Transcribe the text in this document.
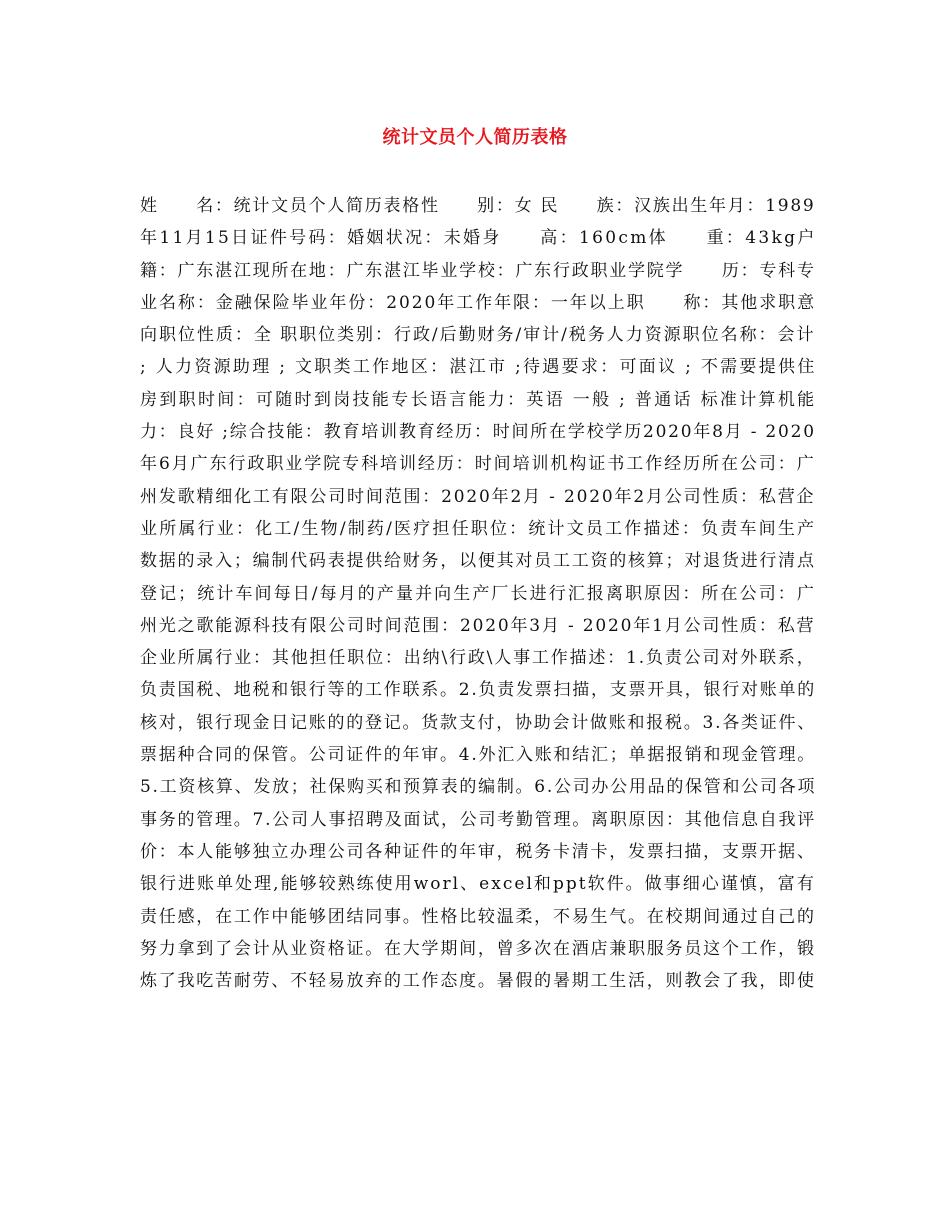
统计文员个人简历表格
姓　　名：统计文员个人简历表格性　　别：女 民　　族：汉族出生年月：1989
年11月15日证件号码：婚姻状况：未婚身　　高：160cm体　　重：43kg户
籍：广东湛江现所在地：广东湛江毕业学校：广东行政职业学院学　　历：专科专
业名称：金融保险毕业年份：2020年工作年限：一年以上职　　称：其他求职意
向职位性质：全 职职位类别：行政/后勤财务/审计/税务人力资源职位名称：会计
; 人力资源助理 ; 文职类工作地区：湛江市 ;待遇要求：可面议 ; 不需要提供住
房到职时间：可随时到岗技能专长语言能力：英语 一般 ; 普通话 标准计算机能
力：良好 ;综合技能：教育培训教育经历：时间所在学校学历2020年8月 - 2020
年6月广东行政职业学院专科培训经历：时间培训机构证书工作经历所在公司：广
州发歌精细化工有限公司时间范围：2020年2月 - 2020年2月公司性质：私营企
业所属行业：化工/生物/制药/医疗担任职位：统计文员工作描述：负责车间生产
数据的录入；编制代码表提供给财务，以便其对员工工资的核算；对退货进行清点
登记；统计车间每日/每月的产量并向生产厂长进行汇报离职原因：所在公司：广
州光之歌能源科技有限公司时间范围：2020年3月 - 2020年1月公司性质：私营
企业所属行业：其他担任职位：出纳\行政\人事工作描述：1.负责公司对外联系，
负责国税、地税和银行等的工作联系。2.负责发票扫描，支票开具，银行对账单的
核对，银行现金日记账的的登记。货款支付，协助会计做账和报税。3.各类证件、
票据种合同的保管。公司证件的年审。4.外汇入账和结汇；单据报销和现金管理。
5.工资核算、发放；社保购买和预算表的编制。6.公司办公用品的保管和公司各项
事务的管理。7.公司人事招聘及面试，公司考勤管理。离职原因：其他信息自我评
价：本人能够独立办理公司各种证件的年审，税务卡清卡，发票扫描，支票开据、
银行进账单处理,能够较熟练使用worl、excel和ppt软件。做事细心谨慎，富有
责任感，在工作中能够团结同事。性格比较温柔，不易生气。在校期间通过自己的
努力拿到了会计从业资格证。在大学期间，曾多次在酒店兼职服务员这个工作，锻
炼了我吃苦耐劳、不轻易放弃的工作态度。暑假的暑期工生活，则教会了我，即使
